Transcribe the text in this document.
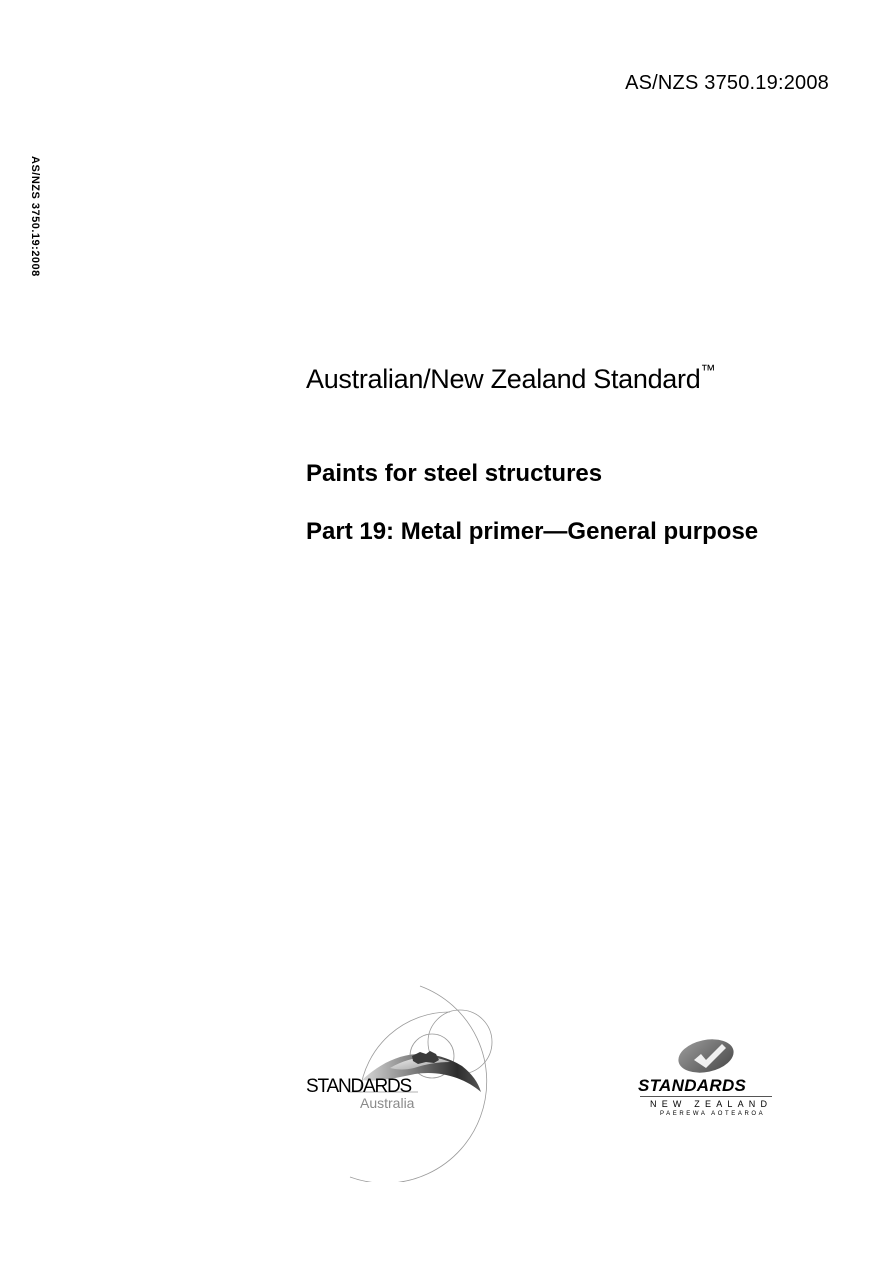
AS/NZS 3750.19:2008
AS/NZS 3750.19:2008
Australian/New Zealand Standard™
Paints for steel structures
Part 19: Metal primer—General purpose
STANDARDS
Australia
STANDARDS
NEW ZEALAND
PAEREWA AOTEAROA
